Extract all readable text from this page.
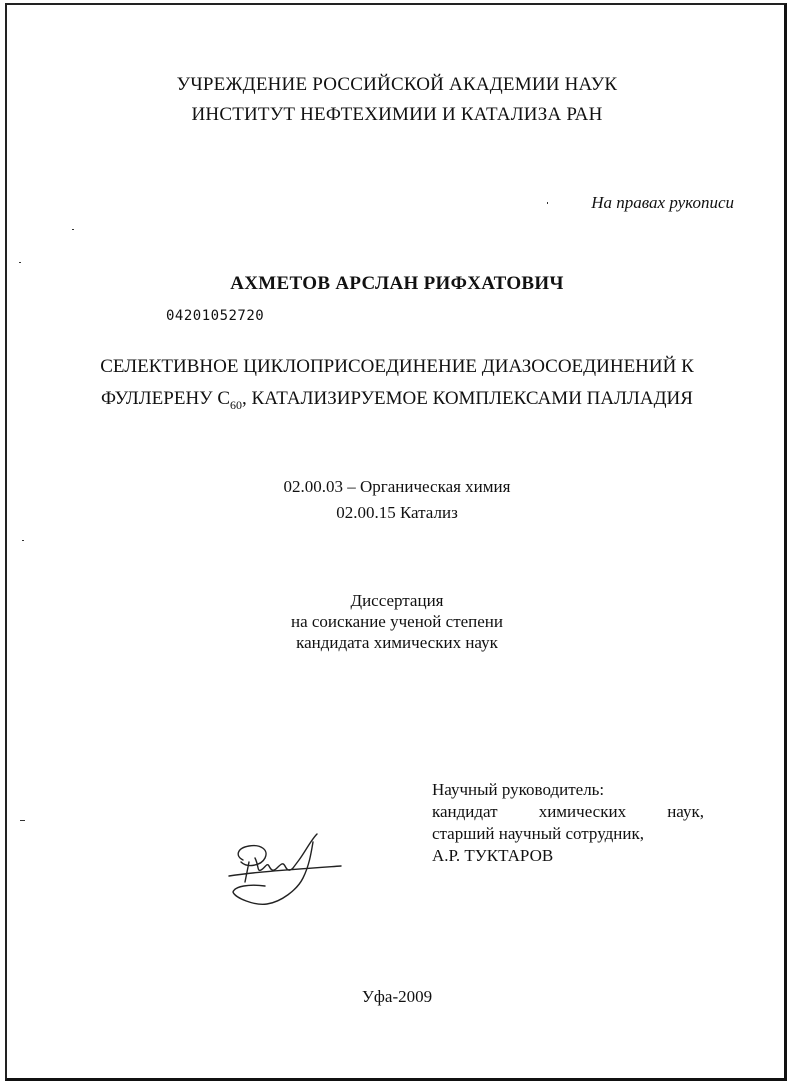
УЧРЕЖДЕНИЕ РОССИЙСКОЙ АКАДЕМИИ НАУК
ИНСТИТУТ НЕФТЕХИМИИ И КАТАЛИЗА РАН
На правах рукописи
АХМЕТОВ АРСЛАН РИФХАТОВИЧ
04201052720
СЕЛЕКТИВНОЕ ЦИКЛОПРИСОЕДИНЕНИЕ ДИАЗОСОЕДИНЕНИЙ К
ФУЛЛЕРЕНУ $С_{60}$, КАТАЛИЗИРУЕМОЕ КОМПЛЕКСАМИ ПАЛЛАДИЯ
02.00.03 – Органическая химия
02.00.15 Катализ
Диссертация
на соискание ученой степени
кандидата химических наук
Научный руководитель:
кандидат химических наук,
старший научный сотрудник,
А.Р. ТУКТАРОВ
Уфа-2009
